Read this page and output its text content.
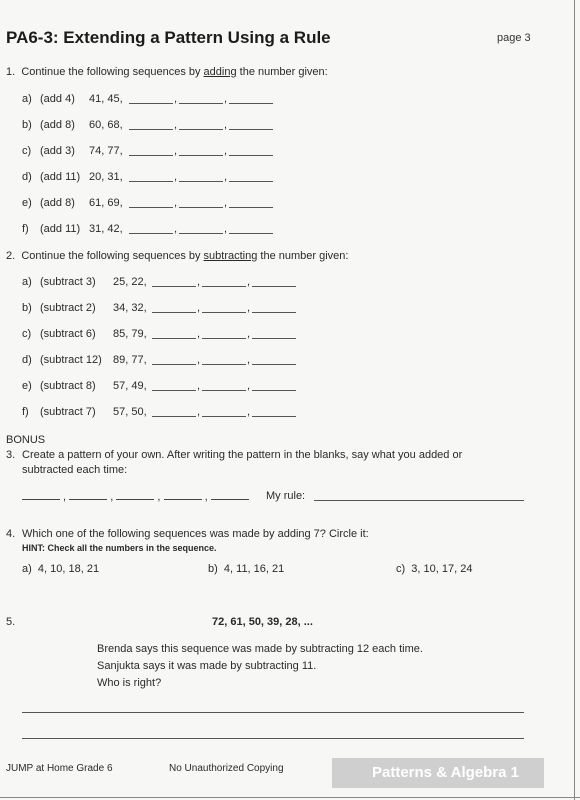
PA6-3: Extending a Pattern Using a Rule	page 3
1. Continue the following sequences by adding the number given:
a) (add 4) 41, 45,	,	,
b) (add 8) 60, 68,	,	,
c) (add 3) 74, 77,	,	,
d) (add 11) 20, 31,	,	,
e) (add 8) 61, 69,	,	,
f) (add 11) 31, 42,	,	,
2. Continue the following sequences by subtracting the number given:
a) (subtract 3) 25, 22,	,	,
b) (subtract 2) 34, 32,	,	,
c) (subtract 6) 85, 79,	,	,
d) (subtract 12) 89, 77,	,	,
e) (subtract 8) 57, 49,	,	,
f) (subtract 7) 57, 50,	,	,
BONUS
3. Create a pattern of your own. After writing the pattern in the blanks, say what you added or
subtracted each time:
,	,	,	,	My rule:
4. Which one of the following sequences was made by adding 7? Circle it:
HINT: Check all the numbers in the sequence.
a) 4, 10, 18, 21	b) 4, 11, 16, 21	c) 3, 10, 17, 24
5.	72, 61, 50, 39, 28, ...
Brenda says this sequence was made by subtracting 12 each time.
Sanjukta says it was made by subtracting 11.
Who is right?
JUMP at Home Grade 6	No Unauthorized Copying	Patterns & Algebra 1
